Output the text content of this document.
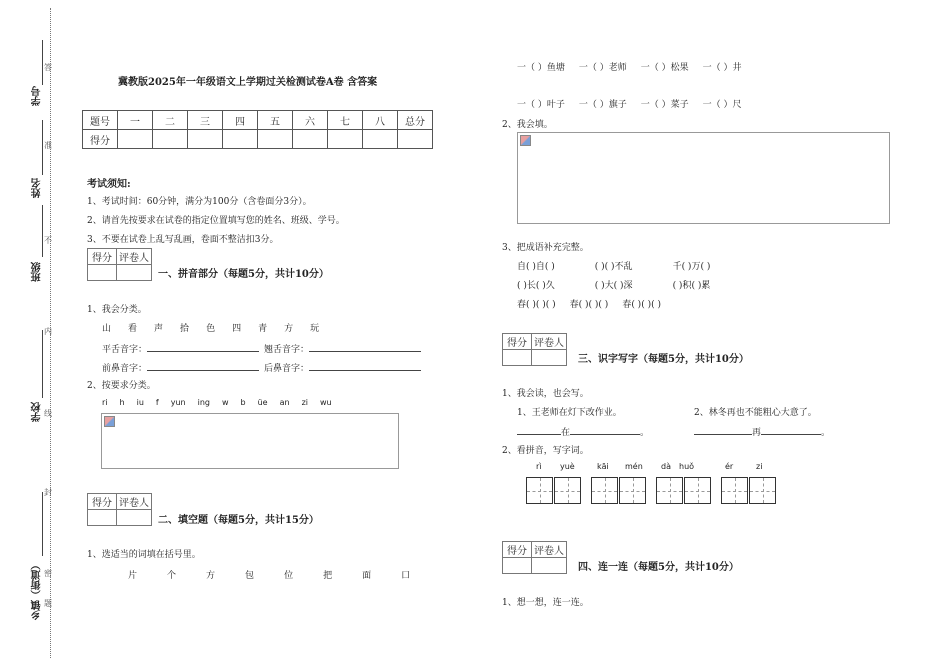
学号
姓名
班级
学校
乡镇（街道）
答
准
不
内
线
封
密
题
冀教版2025年一年级语文上学期过关检测试卷A卷 含答案
题号	一	二	三	四	五	六	七	八	总分
得分									
考试须知:
1、考试时间：60分钟，满分为100分（含卷面分3分）。
2、请首先按要求在试卷的指定位置填写您的姓名、班级、学号。
3、不要在试卷上乱写乱画，卷面不整洁扣3分。
得分	评卷人

一、拼音部分（每题5分，共计10分）
1、我会分类。
山 看 声 拾 色 四 青 方 玩
平舌音字：	翘舌音字：
前鼻音字：	后鼻音字：
2、按要求分类。
ri h iu f yun ing w b üe an zi wu
得分	评卷人

二、填空题（每题5分，共计15分）
1、选适当的词填在括号里。
片	个	方	包	位	把	面	口
一（ ）鱼塘 一（ ）老师 一（ ）松果 一（ ）井
一（ ）叶子 一（ ）旗子 一（ ）菜子 一（ ）尺
2、我会填。
3、把成语补充完整。
自( )自( )	( )( )不乱	千( )万( )
( )长( )久	( )大( )深	( )积( )累
春( )( )( ) 春( )( )( ) 春( )( )( )
得分	评卷人

三、识字写字（每题5分，共计10分）
1、我会读，也会写。
1、王老师在灯下改作业。	2、林冬再也不能粗心大意了。
在	。	再	。
2、看拼音，写字词。
rì yuè	kāi mén dà huǒ	ér	zi
得分	评卷人

四、连一连（每题5分，共计10分）
1、想一想，连一连。
